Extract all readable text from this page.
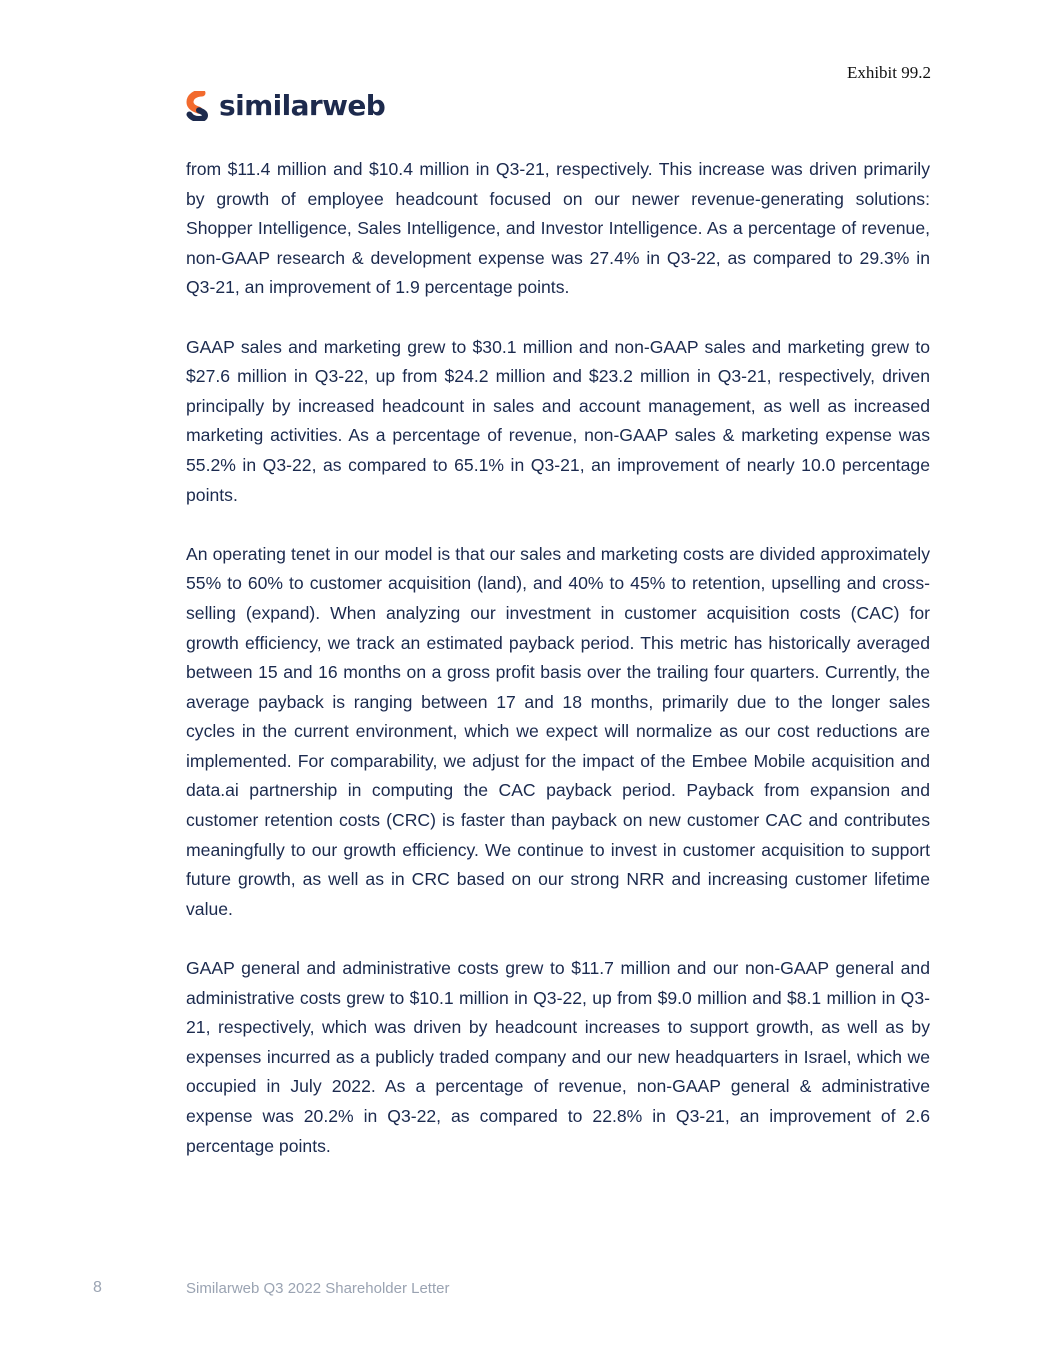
Exhibit 99.2
similarweb

from $11.4 million and $10.4 million in Q3-21, respectively. This increase was driven primarily by growth of employee headcount focused on our newer revenue-generating solutions: Shopper Intelligence, Sales Intelligence, and Investor Intelligence. As a percentage of revenue, non-GAAP research & development expense was 27.4% in Q3-22, as compared to 29.3% in Q3-21, an improvement of 1.9 percentage points.

GAAP sales and marketing grew to $30.1 million and non-GAAP sales and marketing grew to $27.6 million in Q3-22, up from $24.2 million and $23.2 million in Q3-21, respectively, driven principally by increased headcount in sales and account management, as well as increased marketing activities. As a percentage of revenue, non-GAAP sales & marketing expense was 55.2% in Q3-22, as compared to 65.1% in Q3-21, an improvement of nearly 10.0 percentage points.

An operating tenet in our model is that our sales and marketing costs are divided approximately 55% to 60% to customer acquisition (land), and 40% to 45% to retention, upselling and cross-selling (expand). When analyzing our investment in customer acquisition costs (CAC) for growth efficiency, we track an estimated payback period. This metric has historically averaged between 15 and 16 months on a gross profit basis over the trailing four quarters. Currently, the average payback is ranging between 17 and 18 months, primarily due to the longer sales cycles in the current environment, which we expect will normalize as our cost reductions are implemented. For comparability, we adjust for the impact of the Embee Mobile acquisition and data.ai partnership in computing the CAC payback period. Payback from expansion and customer retention costs (CRC) is faster than payback on new customer CAC and contributes meaningfully to our growth efficiency. We continue to invest in customer acquisition to support future growth, as well as in CRC based on our strong NRR and increasing customer lifetime value.

GAAP general and administrative costs grew to $11.7 million and our non-GAAP general and administrative costs grew to $10.1 million in Q3-22, up from $9.0 million and $8.1 million in Q3-21, respectively, which was driven by headcount increases to support growth, as well as by expenses incurred as a publicly traded company and our new headquarters in Israel, which we occupied in July 2022. As a percentage of revenue, non-GAAP general & administrative expense was 20.2% in Q3-22, as compared to 22.8% in Q3-21, an improvement of 2.6 percentage points.

8	Similarweb Q3 2022 Shareholder Letter
